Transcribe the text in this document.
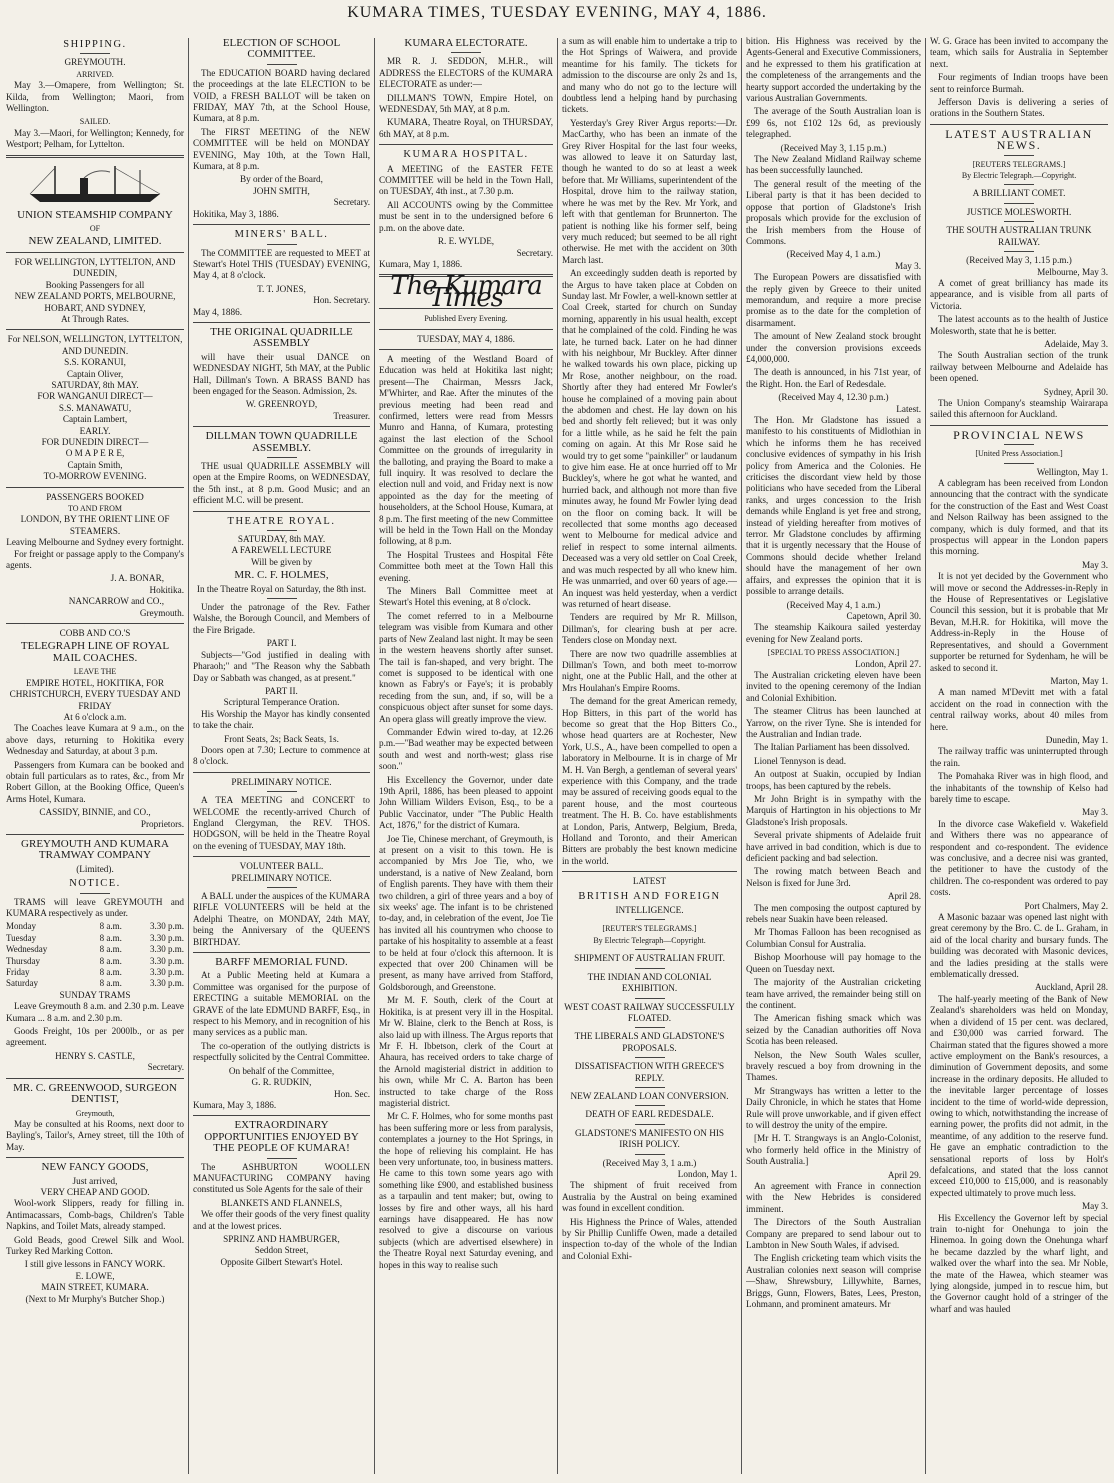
KUMARA TIMES, TUESDAY EVENING, MAY 4, 1886.
SHIPPING.
GREYMOUTH.
ARRIVED.

May 3.—Omapere, from Wellington; St. Kilda, from Wellington; Maori, from Wellington.

SAILED.

May 3.—Maori, for Wellington; Kennedy, for Westport; Pelham, for Lyttelton.

UNION STEAMSHIP COMPANY
OF
NEW ZEALAND, LIMITED.
FOR WELLINGTON, LYTTELTON, AND DUNEDIN,
Booking Passengers for all
NEW ZEALAND PORTS, MELBOURNE, HOBART, AND SYDNEY,
At Through Rates.
For NELSON, WELLINGTON, LYTTELTON, AND DUNEDIN.
S.S. KORANUI,
Captain Oliver,
SATURDAY, 8th MAY.
FOR WANGANUI DIRECT—
S.S. MANAWATU,
Captain Lambert,
EARLY.
FOR DUNEDIN DIRECT—
O M A P E R E,
Captain Smith,
TO-MORROW EVENING.
PASSENGERS BOOKED
TO AND FROM
LONDON, BY THE ORIENT LINE OF STEAMERS.
Leaving Melbourne and Sydney every fortnight.

For freight or passage apply to the Company's agents.

J. A. BONAR,
Hokitika.
NANCARROW and CO.,
Greymouth.
COBB AND CO.'S
TELEGRAPH LINE OF ROYAL MAIL COACHES.
LEAVE THE
EMPIRE HOTEL, HOKITIKA, FOR CHRISTCHURCH, EVERY TUESDAY AND FRIDAY
At 6 o'clock a.m.

The Coaches leave Kumara at 9 a.m., on the above days, returning to Hokitika every Wednesday and Saturday, at about 3 p.m.

Passengers from Kumara can be booked and obtain full particulars as to rates, &c., from Mr Robert Gillon, at the Booking Office, Queen's Arms Hotel, Kumara.

CASSIDY, BINNIE, and CO.,
Proprietors.
GREYMOUTH AND KUMARA TRAMWAY COMPANY
(Limited).
NOTICE.

TRAMS will leave GREYMOUTH and KUMARA respectively as under.

Monday	8 a.m.	3.30 p.m.
Tuesday	8 a.m.	3.30 p.m.
Wednesday	8 a.m.	3.30 p.m.
Thursday	8 a.m.	3.30 p.m.
Friday	8 a.m.	3.30 p.m.
Saturday	8 a.m.	3.30 p.m.
SUNDAY TRAMS

Leave Greymouth 8 a.m. and 2.30 p.m. Leave Kumara ... 8 a.m. and 2.30 p.m.

Goods Freight, 10s per 2000lb., or as per agreement.

HENRY S. CASTLE,
Secretary.
MR. C. GREENWOOD, SURGEON DENTIST,
Greymouth,

May be consulted at his Rooms, next door to Bayling's, Tailor's, Arney street, till the 10th of May.

NEW FANCY GOODS,
Just arrived,
VERY CHEAP AND GOOD.

Wool-work Slippers, ready for filling in. Antimacassars, Comb-bags, Children's Table Napkins, and Toilet Mats, already stamped.

Gold Beads, good Crewel Silk and Wool. Turkey Red Marking Cotton.

I still give lessons in FANCY WORK.
E. LOWE,
MAIN STREET, KUMARA.
(Next to Mr Murphy's Butcher Shop.)
ELECTION OF SCHOOL COMMITTEE.

The EDUCATION BOARD having declared the proceedings at the late ELECTION to be VOID, a FRESH BALLOT will be taken on FRIDAY, MAY 7th, at the School House, Kumara, at 8 p.m.

The FIRST MEETING of the NEW COMMITTEE will be held on MONDAY EVENING, May 10th, at the Town Hall, Kumara, at 8 p.m.

By order of the Board,
JOHN SMITH,
Secretary.
Hokitika, May 3, 1886.
MINERS' BALL.

The COMMITTEE are requested to MEET at Stewart's Hotel THIS (TUESDAY) EVENING, May 4, at 8 o'clock.

T. T. JONES,
Hon. Secretary.
May 4, 1886.
THE ORIGINAL QUADRILLE ASSEMBLY

will have their usual DANCE on WEDNESDAY NIGHT, 5th MAY, at the Public Hall, Dillman's Town. A BRASS BAND has been engaged for the Season. Admission, 2s.

W. GREENROYD,
Treasurer.
DILLMAN TOWN QUADRILLE ASSEMBLY.

THE usual QUADRILLE ASSEMBLY will open at the Empire Rooms, on WEDNESDAY, the 5th inst., at 8 p.m. Good Music; and an efficient M.C. will be present.

THEATRE ROYAL.
SATURDAY, 8th MAY.
A FAREWELL LECTURE
Will be given by
MR. C. F. HOLMES,
In the Theatre Royal on Saturday, the 8th inst.

Under the patronage of the Rev. Father Walshe, the Borough Council, and Members of the Fire Brigade.

PART I.

Subjects—"God justified in dealing with Pharaoh;" and "The Reason why the Sabbath Day or Sabbath was changed, as at present."

PART II.
Scriptural Temperance Oration.

His Worship the Mayor has kindly consented to take the chair.

Front Seats, 2s; Back Seats, 1s.

Doors open at 7.30; Lecture to commence at 8 o'clock.

PRELIMINARY NOTICE.

A TEA MEETING and CONCERT to WELCOME the recently-arrived Church of England Clergyman, the REV. THOS. HODGSON, will be held in the Theatre Royal on the evening of TUESDAY, MAY 18th.

VOLUNTEER BALL.
PRELIMINARY NOTICE.

A BALL under the auspices of the KUMARA RIFLE VOLUNTEERS will be held at the Adelphi Theatre, on MONDAY, 24th MAY, being the Anniversary of the QUEEN'S BIRTHDAY.

BARFF MEMORIAL FUND.

At a Public Meeting held at Kumara a Committee was organised for the purpose of ERECTING a suitable MEMORIAL on the GRAVE of the late EDMUND BARFF, Esq., in respect to his Memory, and in recognition of his many services as a public man.

The co-operation of the outlying districts is respectfully solicited by the Central Committee.

On behalf of the Committee,
G. R. RUDKIN,
Hon. Sec.
Kumara, May 3, 1886.
EXTRAORDINARY OPPORTUNITIES ENJOYED BY THE PEOPLE OF KUMARA!

The ASHBURTON WOOLLEN MANUFACTURING COMPANY having constituted us Sole Agents for the sale of their

BLANKETS AND FLANNELS,

We offer their goods of the very finest quality and at the lowest prices.

SPRINZ AND HAMBURGER,
Seddon Street,
Opposite Gilbert Stewart's Hotel.
KUMARA ELECTORATE.

MR R. J. SEDDON, M.H.R., will ADDRESS the ELECTORS of the KUMARA ELECTORATE as under:—

DILLMAN'S TOWN, Empire Hotel, on WEDNESDAY, 5th MAY, at 8 p.m.

KUMARA, Theatre Royal, on THURSDAY, 6th MAY, at 8 p.m.

KUMARA HOSPITAL.

A MEETING of the EASTER FETE COMMITTEE will be held in the Town Hall, on TUESDAY, 4th inst., at 7.30 p.m.

All ACCOUNTS owing by the Committee must be sent in to the undersigned before 6 p.m. on the above date.

R. E. WYLDE,
Secretary.
Kumara, May 1, 1886.
The Kumara Times
Published Every Evening.
TUESDAY, MAY 4, 1886.

A meeting of the Westland Board of Education was held at Hokitika last night; present—The Chairman, Messrs Jack, M'Whirter, and Rae. After the minutes of the previous meeting had been read and confirmed, letters were read from Messrs Munro and Hanna, of Kumara, protesting against the last election of the School Committee on the grounds of irregularity in the balloting, and praying the Board to make a full inquiry. It was resolved to declare the election null and void, and Friday next is now appointed as the day for the meeting of householders, at the School House, Kumara, at 8 p.m. The first meeting of the new Committee will be held in the Town Hall on the Monday following, at 8 p.m.

The Hospital Trustees and Hospital Fête Committee both meet at the Town Hall this evening.

The Miners Ball Committee meet at Stewart's Hotel this evening, at 8 o'clock.

The comet referred to in a Melbourne telegram was visible from Kumara and other parts of New Zealand last night. It may be seen in the western heavens shortly after sunset. The tail is fan-shaped, and very bright. The comet is supposed to be identical with one known as Fabry's or Faye's; it is probably receding from the sun, and, if so, will be a conspicuous object after sunset for some days. An opera glass will greatly improve the view.

Commander Edwin wired to-day, at 12.26 p.m.—"Bad weather may be expected between south and west and north-west; glass rise soon."

His Excellency the Governor, under date 19th April, 1886, has been pleased to appoint John William Wilders Evison, Esq., to be a Public Vaccinator, under "The Public Health Act, 1876," for the district of Kumara.

Joe Tie, Chinese merchant, of Greymouth, is at present on a visit to this town. He is accompanied by Mrs Joe Tie, who, we understand, is a native of New Zealand, born of English parents. They have with them their two children, a girl of three years and a boy of six weeks' age. The infant is to be christened to-day, and, in celebration of the event, Joe Tie has invited all his countrymen who choose to partake of his hospitality to assemble at a feast to be held at four o'clock this afternoon. It is expected that over 200 Chinamen will be present, as many have arrived from Stafford, Goldsborough, and Greenstone.

Mr M. F. South, clerk of the Court at Hokitika, is at present very ill in the Hospital. Mr W. Blaine, clerk to the Bench at Ross, is also laid up with illness. The Argus reports that Mr F. H. Ibbetson, clerk of the Court at Ahaura, has received orders to take charge of the Arnold magisterial district in addition to his own, while Mr C. A. Barton has been instructed to take charge of the Ross magisterial district.

Mr C. F. Holmes, who for some months past has been suffering more or less from paralysis, contemplates a journey to the Hot Springs, in the hope of relieving his complaint. He has been very unfortunate, too, in business matters. He came to this town some years ago with something like £900, and established business as a tarpaulin and tent maker; but, owing to losses by fire and other ways, all his hard earnings have disappeared. He has now resolved to give a discourse on various subjects (which are advertised elsewhere) in the Theatre Royal next Saturday evening, and hopes in this way to realise such

a sum as will enable him to undertake a trip to the Hot Springs of Waiwera, and provide meantime for his family. The tickets for admission to the discourse are only 2s and 1s, and many who do not go to the lecture will doubtless lend a helping hand by purchasing tickets.

Yesterday's Grey River Argus reports:—Dr. MacCarthy, who has been an inmate of the Grey River Hospital for the last four weeks, was allowed to leave it on Saturday last, though he wanted to do so at least a week before that. Mr Williams, superintendent of the Hospital, drove him to the railway station, where he was met by the Rev. Mr York, and left with that gentleman for Brunnerton. The patient is nothing like his former self, being very much reduced; but seemed to be all right otherwise. He met with the accident on 30th March last.

An exceedingly sudden death is reported by the Argus to have taken place at Cobden on Sunday last. Mr Fowler, a well-known settler at Coal Creek, started for church on Sunday morning, apparently in his usual health, except that he complained of the cold. Finding he was late, he turned back. Later on he had dinner with his neighbour, Mr Buckley. After dinner he walked towards his own place, picking up Mr Rose, another neighbour, on the road. Shortly after they had entered Mr Fowler's house he complained of a moving pain about the abdomen and chest. He lay down on his bed and shortly felt relieved; but it was only for a little while, as he said he felt the pain coming on again. At this Mr Rose said he would try to get some "painkiller" or laudanum to give him ease. He at once hurried off to Mr Buckley's, where he got what he wanted, and hurried back, and although not more than five minutes away, he found Mr Fowler lying dead on the floor on coming back. It will be recollected that some months ago deceased went to Melbourne for medical advice and relief in respect to some internal ailments. Deceased was a very old settler on Coal Creek, and was much respected by all who knew him. He was unmarried, and over 60 years of age.—An inquest was held yesterday, when a verdict was returned of heart disease.

Tenders are required by Mr R. Millson, Dillman's, for clearing bush at per acre. Tenders close on Monday next.

There are now two quadrille assemblies at Dillman's Town, and both meet to-morrow night, one at the Public Hall, and the other at Mrs Houlahan's Empire Rooms.

The demand for the great American remedy, Hop Bitters, in this part of the world has become so great that the Hop Bitters Co., whose head quarters are at Rochester, New York, U.S., A., have been compelled to open a laboratory in Melbourne. It is in charge of Mr M. H. Van Bergh, a gentleman of several years' experience with this Company, and the trade may be assured of receiving goods equal to the parent house, and the most courteous treatment. The H. B. Co. have establishments at London, Paris, Antwerp, Belgium, Breda, Holland and Toronto, and their American Bitters are probably the best known medicine in the world.

LATEST
BRITISH AND FOREIGN
INTELLIGENCE.
[REUTER'S TELEGRAMS.]
By Electric Telegraph—Copyright.
SHIPMENT OF AUSTRALIAN FRUIT.
THE INDIAN AND COLONIAL EXHIBITION.
WEST COAST RAILWAY SUCCESSFULLY FLOATED.
THE LIBERALS AND GLADSTONE'S PROPOSALS.
DISSATISFACTION WITH GREECE'S REPLY.
NEW ZEALAND LOAN CONVERSION.
DEATH OF EARL REDESDALE.
GLADSTONE'S MANIFESTO ON HIS IRISH POLICY.
(Received May 3, 1 a.m.)
London, May 1.

The shipment of fruit received from Australia by the Austral on being examined was found in excellent condition.

His Highness the Prince of Wales, attended by Sir Phillip Cunliffe Owen, made a detailed inspection to-day of the whole of the Indian and Colonial Exhi-

bition. His Highness was received by the Agents-General and Executive Commissioners, and he expressed to them his gratification at the completeness of the arrangements and the hearty support accorded the undertaking by the various Australian Governments.

The average of the South Australian loan is £99 6s, not £102 12s 6d, as previously telegraphed.

(Received May 3, 1.15 p.m.)

The New Zealand Midland Railway scheme has been successfully launched.

The general result of the meeting of the Liberal party is that it has been decided to oppose that portion of Gladstone's Irish proposals which provide for the exclusion of the Irish members from the House of Commons.

(Received May 4, 1 a.m.)
May 3.

The European Powers are dissatisfied with the reply given by Greece to their united memorandum, and require a more precise promise as to the date for the completion of disarmament.

The amount of New Zealand stock brought under the conversion provisions exceeds £4,000,000.

The death is announced, in his 71st year, of the Right. Hon. the Earl of Redesdale.

(Received May 4, 12.30 p.m.)
Latest.

The Hon. Mr Gladstone has issued a manifesto to his constituents of Midlothian in which he informs them he has received conclusive evidences of sympathy in his Irish policy from America and the Colonies. He criticises the discordant view held by those politicians who have seceded from the Liberal ranks, and urges concession to the Irish demands while England is yet free and strong, instead of yielding hereafter from motives of terror. Mr Gladstone concludes by affirming that it is urgently necessary that the House of Commons should decide whether Ireland should have the management of her own affairs, and expresses the opinion that it is possible to arrange details.

(Received May 4, 1 a.m.)
Capetown, April 30.

The steamship Kaikoura sailed yesterday evening for New Zealand ports.

[SPECIAL TO PRESS ASSOCIATION.]
London, April 27.

The Australian cricketing eleven have been invited to the opening ceremony of the Indian and Colonial Exhibition.

The steamer Clitrus has been launched at Yarrow, on the river Tyne. She is intended for the Australian and Indian trade.

The Italian Parliament has been dissolved.

Lionel Tennyson is dead.

An outpost at Suakin, occupied by Indian troops, has been captured by the rebels.

Mr John Bright is in sympathy with the Marquis of Hartington in his objections to Mr Gladstone's Irish proposals.

Several private shipments of Adelaide fruit have arrived in bad condition, which is due to deficient packing and bad selection.

The rowing match between Beach and Nelson is fixed for June 3rd.

April 28.

The men composing the outpost captured by rebels near Suakin have been released.

Mr Thomas Falloon has been recognised as Columbian Consul for Australia.

Bishop Moorhouse will pay homage to the Queen on Tuesday next.

The majority of the Australian cricketing team have arrived, the remainder being still on the continent.

The American fishing smack which was seized by the Canadian authorities off Nova Scotia has been released.

Nelson, the New South Wales sculler, bravely rescued a boy from drowning in the Thames.

Mr Strangways has written a letter to the Daily Chronicle, in which he states that Home Rule will prove unworkable, and if given effect to will destroy the unity of the empire.

[Mr H. T. Strangways is an Anglo-Colonist, who formerly held office in the Ministry of South Australia.]

April 29.

An agreement with France in connection with the New Hebrides is considered imminent.

The Directors of the South Australian Company are prepared to send labour out to Lambton in New South Wales, if advised.

The English cricketing team which visits the Australian colonies next season will comprise—Shaw, Shrewsbury, Lillywhite, Barnes, Briggs, Gunn, Flowers, Bates, Lees, Preston, Lohmann, and prominent amateurs. Mr

W. G. Grace has been invited to accompany the team, which sails for Australia in September next.

Four regiments of Indian troops have been sent to reinforce Burmah.

Jefferson Davis is delivering a series of orations in the Southern States.

LATEST AUSTRALIAN NEWS.
[REUTERS TELEGRAMS.]
By Electric Telegraph.—Copyright.
A BRILLIANT COMET.
JUSTICE MOLESWORTH.
THE SOUTH AUSTRALIAN TRUNK RAILWAY.
(Received May 3, 1.15 p.m.)
Melbourne, May 3.

A comet of great brilliancy has made its appearance, and is visible from all parts of Victoria.

The latest accounts as to the health of Justice Molesworth, state that he is better.

Adelaide, May 3.

The South Australian section of the trunk railway between Melbourne and Adelaide has been opened.

Sydney, April 30.

The Union Company's steamship Wairarapa sailed this afternoon for Auckland.

PROVINCIAL NEWS
[United Press Association.]
Wellington, May 1.

A cablegram has been received from London announcing that the contract with the syndicate for the construction of the East and West Coast and Nelson Railway has been assigned to the company, which is duly formed, and that its prospectus will appear in the London papers this morning.

May 3.

It is not yet decided by the Government who will move or second the Addresses-in-Reply in the House of Representatives or Legislative Council this session, but it is probable that Mr Bevan, M.H.R. for Hokitika, will move the Address-in-Reply in the House of Representatives, and should a Government supporter be returned for Sydenham, he will be asked to second it.

Marton, May 1.

A man named M'Devitt met with a fatal accident on the road in connection with the central railway works, about 40 miles from here.

Dunedin, May 1.

The railway traffic was uninterrupted through the rain.

The Pomahaka River was in high flood, and the inhabitants of the township of Kelso had barely time to escape.

May 3.

In the divorce case Wakefield v. Wakefield and Withers there was no appearance of respondent and co-respondent. The evidence was conclusive, and a decree nisi was granted, the petitioner to have the custody of the children. The co-respondent was ordered to pay costs.

Port Chalmers, May 2.

A Masonic bazaar was opened last night with great ceremony by the Bro. C. de L. Graham, in aid of the local charity and bursary funds. The building was decorated with Masonic devices, and the ladies presiding at the stalls were emblematically dressed.

Auckland, April 28.

The half-yearly meeting of the Bank of New Zealand's shareholders was held on Monday, when a dividend of 15 per cent. was declared, and £30,000 was carried forward. The Chairman stated that the figures showed a more active employment on the Bank's resources, a diminution of Government deposits, and some increase in the ordinary deposits. He alluded to the inevitable larger percentage of losses incident to the time of world-wide depression, owing to which, notwithstanding the increase of earning power, the profits did not admit, in the meantime, of any addition to the reserve fund. He gave an emphatic contradiction to the sensational reports of loss by Holt's defalcations, and stated that the loss cannot exceed £10,000 to £15,000, and is reasonably expected ultimately to prove much less.

May 3.

His Excellency the Governor left by special train to-night for Onehunga to join the Hinemoa. In going down the Onehunga wharf he became dazzled by the wharf light, and walked over the wharf into the sea. Mr Noble, the mate of the Hawea, which steamer was lying alongside, jumped in to rescue him, but the Governor caught hold of a stringer of the wharf and was hauled
